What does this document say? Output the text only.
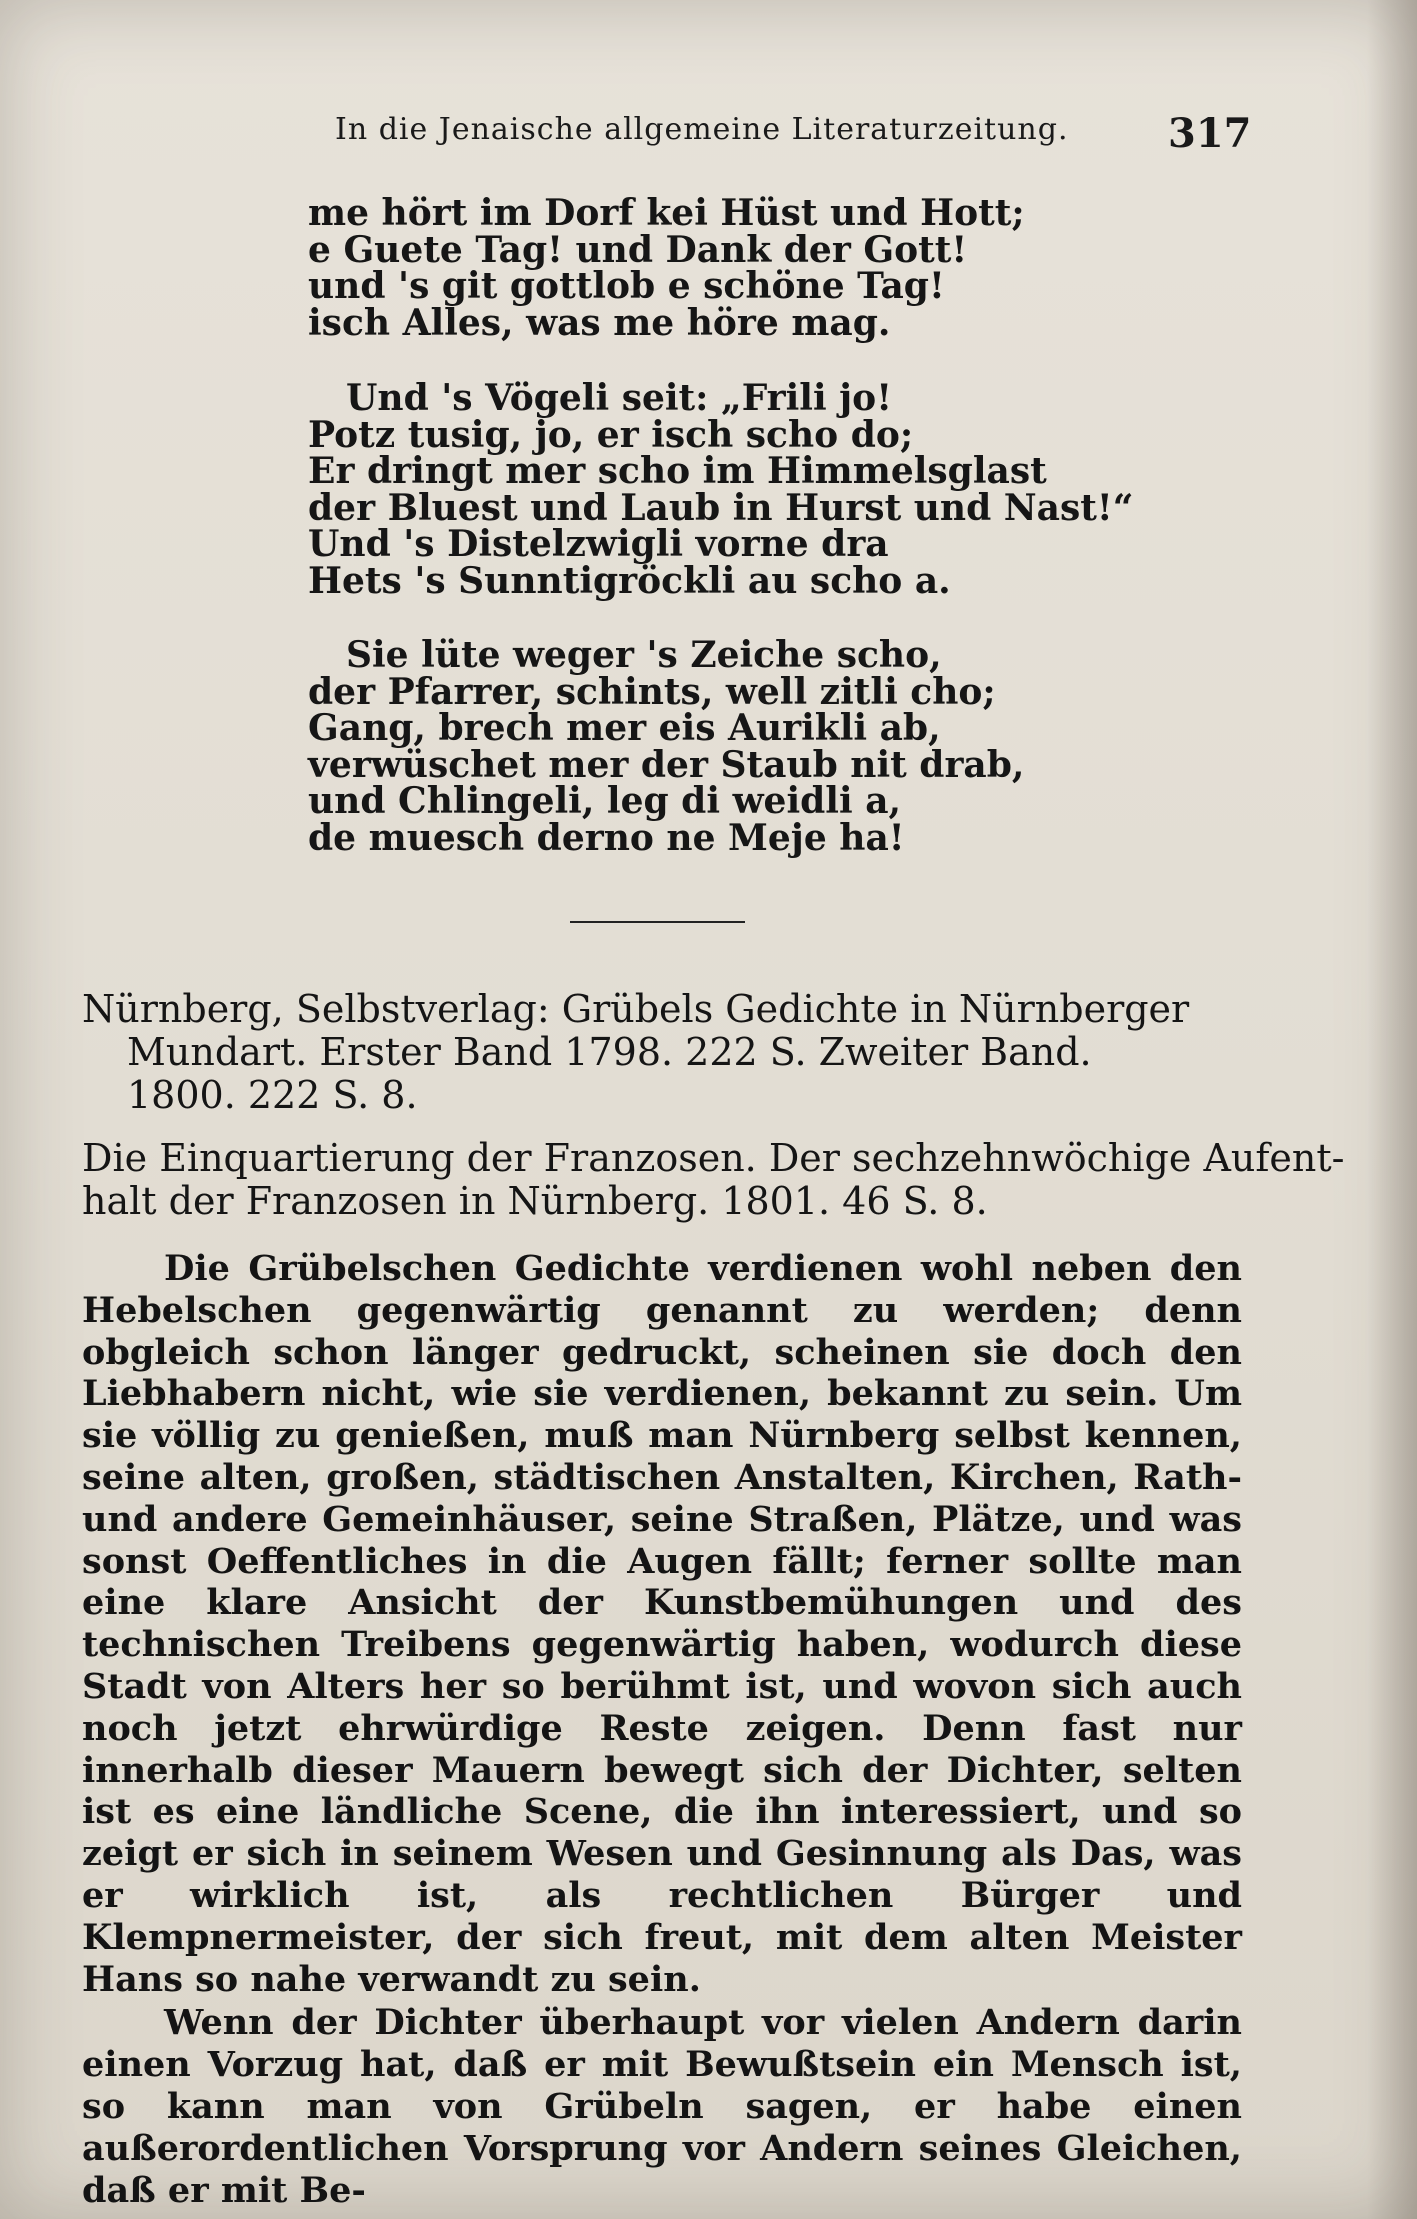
In die Jenaische allgemeine Literaturzeitung.	317
me hört im Dorf kei Hüst und Hott;
e Guete Tag! und Dank der Gott!
und 's git gottlob e schöne Tag!
isch Alles, was me höre mag.
Und 's Vögeli seit: „Frili jo!
Potz tusig, jo, er isch scho do;
Er dringt mer scho im Himmelsglast
der Bluest und Laub in Hurst und Nast!“
Und 's Distelzwigli vorne dra
Hets 's Sunntigröckli au scho a.
Sie lüte weger 's Zeiche scho,
der Pfarrer, schints, well zitli cho;
Gang, brech mer eis Aurikli ab,
verwüschet mer der Staub nit drab,
und Chlingeli, leg di weidli a,
de muesch derno ne Meje ha!
Nürnberg, Selbstverlag: Grübels Gedichte in Nürnberger
Mundart. Erster Band 1798. 222 S. Zweiter Band.
1800. 222 S. 8.
Die Einquartierung der Franzosen. Der sechzehnwöchige Aufent-
halt der Franzosen in Nürnberg. 1801. 46 S. 8.

Die Grübelschen Gedichte verdienen wohl neben den Hebelschen gegenwärtig genannt zu werden; denn obgleich schon länger gedruckt, scheinen sie doch den Liebhabern nicht, wie sie verdienen, bekannt zu sein. Um sie völlig zu genießen, muß man Nürnberg selbst kennen, seine alten, großen, städtischen Anstalten, Kirchen, Rath- und andere Gemeinhäuser, seine Straßen, Plätze, und was sonst Oeffentliches in die Augen fällt; ferner sollte man eine klare Ansicht der Kunstbemühungen und des technischen Treibens gegenwärtig haben, wodurch diese Stadt von Alters her so berühmt ist, und wovon sich auch noch jetzt ehrwürdige Reste zeigen. Denn fast nur innerhalb dieser Mauern bewegt sich der Dichter, selten ist es eine ländliche Scene, die ihn interessiert, und so zeigt er sich in seinem Wesen und Gesinnung als Das, was er wirklich ist, als rechtlichen Bürger und Klempnermeister, der sich freut, mit dem alten Meister Hans so nahe verwandt zu sein.

Wenn der Dichter überhaupt vor vielen Andern darin einen Vorzug hat, daß er mit Bewußtsein ein Mensch ist, so kann man von Grübeln sagen, er habe einen außerordentlichen Vorsprung vor Andern seines Gleichen, daß er mit Be-
